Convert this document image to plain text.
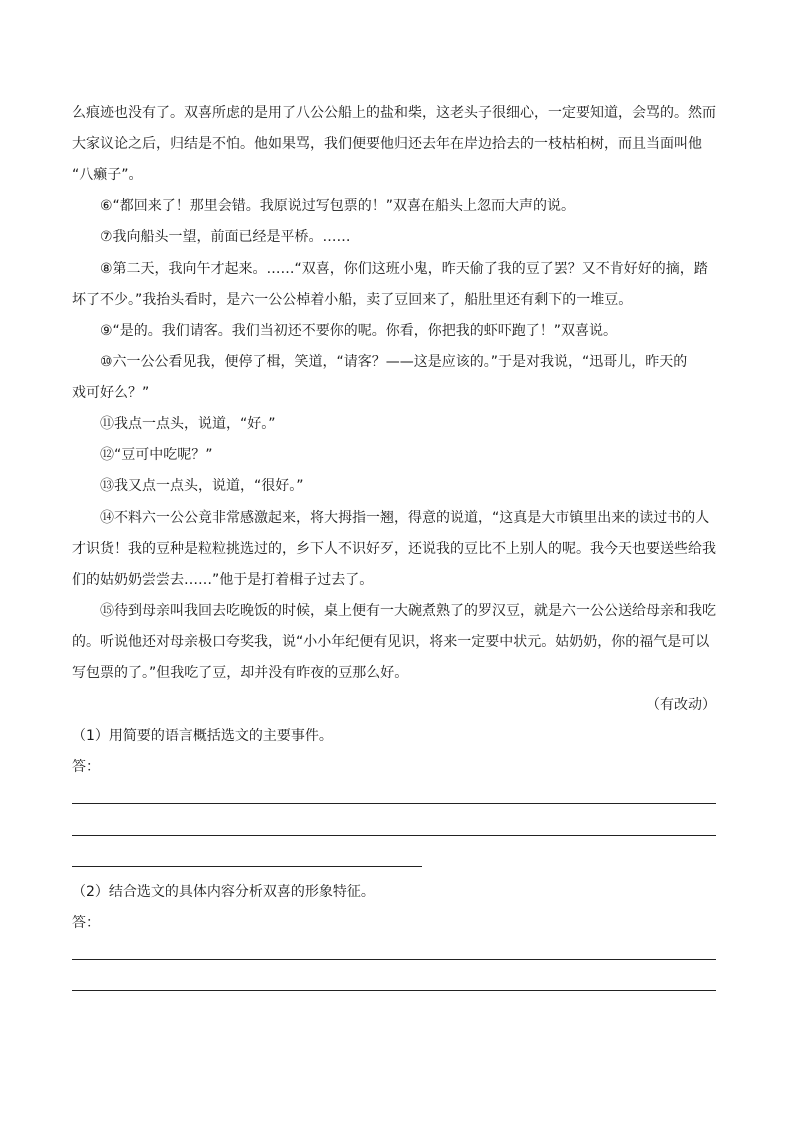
么痕迹也没有了。双喜所虑的是用了八公公船上的盐和柴，这老头子很细心，一定要知道，会骂的。然而
大家议论之后，归结是不怕。他如果骂，我们便要他归还去年在岸边拾去的一枝枯桕树，而且当面叫他
“八癞子”。
⑥“都回来了！那里会错。我原说过写包票的！”双喜在船头上忽而大声的说。
⑦我向船头一望，前面已经是平桥。……
⑧第二天，我向午才起来。……“双喜，你们这班小鬼，昨天偷了我的豆了罢？又不肯好好的摘，踏
坏了不少。”我抬头看时，是六一公公棹着小船，卖了豆回来了，船肚里还有剩下的一堆豆。
⑨“是的。我们请客。我们当初还不要你的呢。你看，你把我的虾吓跑了！”双喜说。
⑩六一公公看见我，便停了楫，笑道，“请客？——这是应该的。”于是对我说，“迅哥儿，昨天的
戏可好么？”
⑪我点一点头，说道，“好。”
⑫“豆可中吃呢？”
⑬我又点一点头，说道，“很好。”
⑭不料六一公公竟非常感激起来，将大拇指一翘，得意的说道，“这真是大市镇里出来的读过书的人
才识货！我的豆种是粒粒挑选过的，乡下人不识好歹，还说我的豆比不上别人的呢。我今天也要送些给我
们的姑奶奶尝尝去……”他于是打着楫子过去了。
⑮待到母亲叫我回去吃晚饭的时候，桌上便有一大碗煮熟了的罗汉豆，就是六一公公送给母亲和我吃
的。听说他还对母亲极口夸奖我，说“小小年纪便有见识，将来一定要中状元。姑奶奶，你的福气是可以
写包票的了。”但我吃了豆，却并没有昨夜的豆那么好。
（有改动）
（1）用简要的语言概括选文的主要事件。
答：
（2）结合选文的具体内容分析双喜的形象特征。
答：
